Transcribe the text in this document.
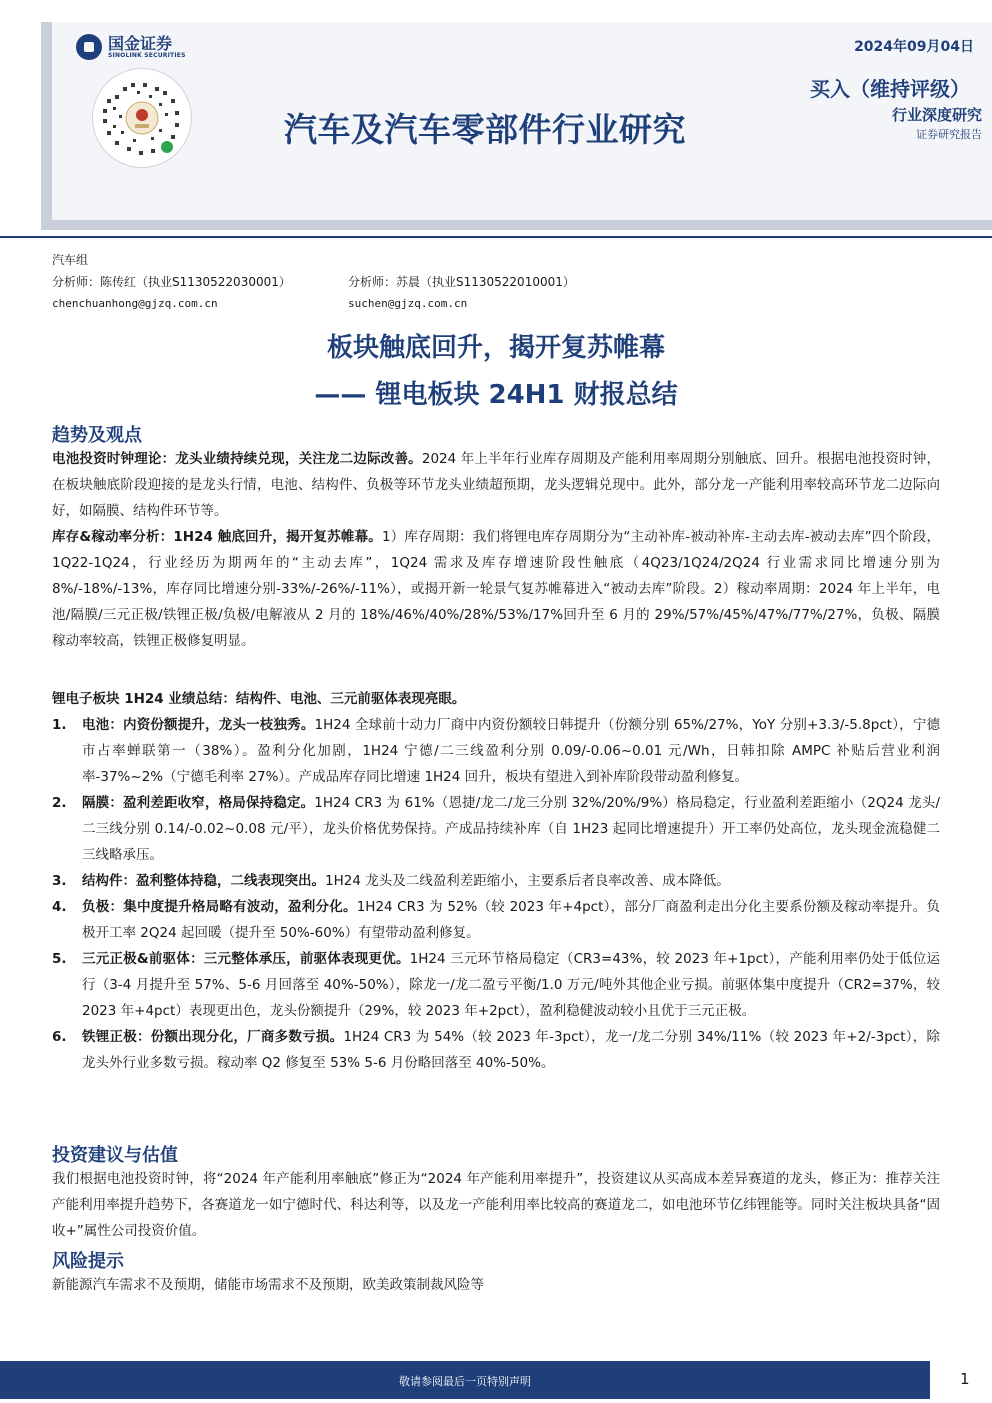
国金证券
SINOLINK SECURITIES
汽车及汽车零部件行业研究
2024年09月04日
买入（维持评级）
行业深度研究
证券研究报告
汽车组
分析师：陈传红（执业S1130522030001）	分析师：苏晨（执业S1130522010001）
chenchuanhong@gjzq.com.cn	suchen@gjzq.com.cn
板块触底回升，揭开复苏帷幕
—— 锂电板块 24H1 财报总结
趋势及观点
电池投资时钟理论：龙头业绩持续兑现，关注龙二边际改善。2024 年上半年行业库存周期及产能利用率周期分别触底、回升。根据电池投资时钟，在板块触底阶段迎接的是龙头行情，电池、结构件、负极等环节龙头业绩超预期，龙头逻辑兑现中。此外，部分龙一产能利用率较高环节龙二边际向好，如隔膜、结构件环节等。
库存&稼动率分析：1H24 触底回升，揭开复苏帷幕。1）库存周期：我们将锂电库存周期分为“主动补库-被动补库-主动去库-被动去库”四个阶段，1Q22-1Q24，行业经历为期两年的“主动去库”，1Q24 需求及库存增速阶段性触底（4Q23/1Q24/2Q24 行业需求同比增速分别为 8%/-18%/-13%，库存同比增速分别-33%/-26%/-11%），或揭开新一轮景气复苏帷幕进入“被动去库”阶段。2）稼动率周期：2024 年上半年，电池/隔膜/三元正极/铁锂正极/负极/电解液从 2 月的 18%/46%/40%/28%/53%/17%回升至 6 月的 29%/57%/45%/47%/77%/27%，负极、隔膜稼动率较高，铁锂正极修复明显。
锂电子板块 1H24 业绩总结：结构件、电池、三元前驱体表现亮眼。
1.	电池：内资份额提升，龙头一枝独秀。1H24 全球前十动力厂商中内资份额较日韩提升（份额分别 65%/27%，YoY 分别+3.3/-5.8pct），宁德市占率蝉联第一（38%）。盈利分化加剧，1H24 宁德/二三线盈利分别 0.09/-0.06~0.01 元/Wh，日韩扣除 AMPC 补贴后营业利润率-37%~2%（宁德毛利率 27%）。产成品库存同比增速 1H24 回升，板块有望进入到补库阶段带动盈利修复。
2.	隔膜：盈利差距收窄，格局保持稳定。1H24 CR3 为 61%（恩捷/龙二/龙三分别 32%/20%/9%）格局稳定，行业盈利差距缩小（2Q24 龙头/二三线分别 0.14/-0.02~0.08 元/平），龙头价格优势保持。产成品持续补库（自 1H23 起同比增速提升）开工率仍处高位，龙头现金流稳健二三线略承压。
3.	结构件：盈利整体持稳，二线表现突出。1H24 龙头及二线盈利差距缩小，主要系后者良率改善、成本降低。
4.	负极：集中度提升格局略有波动，盈利分化。1H24 CR3 为 52%（较 2023 年+4pct），部分厂商盈利走出分化主要系份额及稼动率提升。负极开工率 2Q24 起回暖（提升至 50%-60%）有望带动盈利修复。
5.	三元正极&前驱体：三元整体承压，前驱体表现更优。1H24 三元环节格局稳定（CR3=43%，较 2023 年+1pct），产能利用率仍处于低位运行（3-4 月提升至 57%、5-6 月回落至 40%-50%），除龙一/龙二盈亏平衡/1.0 万元/吨外其他企业亏损。前驱体集中度提升（CR2=37%，较 2023 年+4pct）表现更出色，龙头份额提升（29%，较 2023 年+2pct），盈利稳健波动较小且优于三元正极。
6.	铁锂正极：份额出现分化，厂商多数亏损。1H24 CR3 为 54%（较 2023 年-3pct），龙一/龙二分别 34%/11%（较 2023 年+2/-3pct），除龙头外行业多数亏损。稼动率 Q2 修复至 53% 5-6 月份略回落至 40%-50%。
投资建议与估值
我们根据电池投资时钟，将“2024 年产能利用率触底”修正为“2024 年产能利用率提升”，投资建议从买高成本差异赛道的龙头，修正为：推荐关注产能利用率提升趋势下，各赛道龙一如宁德时代、科达利等，以及龙一产能利用率比较高的赛道龙二，如电池环节亿纬锂能等。同时关注板块具备“固收+”属性公司投资价值。
风险提示
新能源汽车需求不及预期，储能市场需求不及预期，欧美政策制裁风险等
敬请参阅最后一页特别声明	1
